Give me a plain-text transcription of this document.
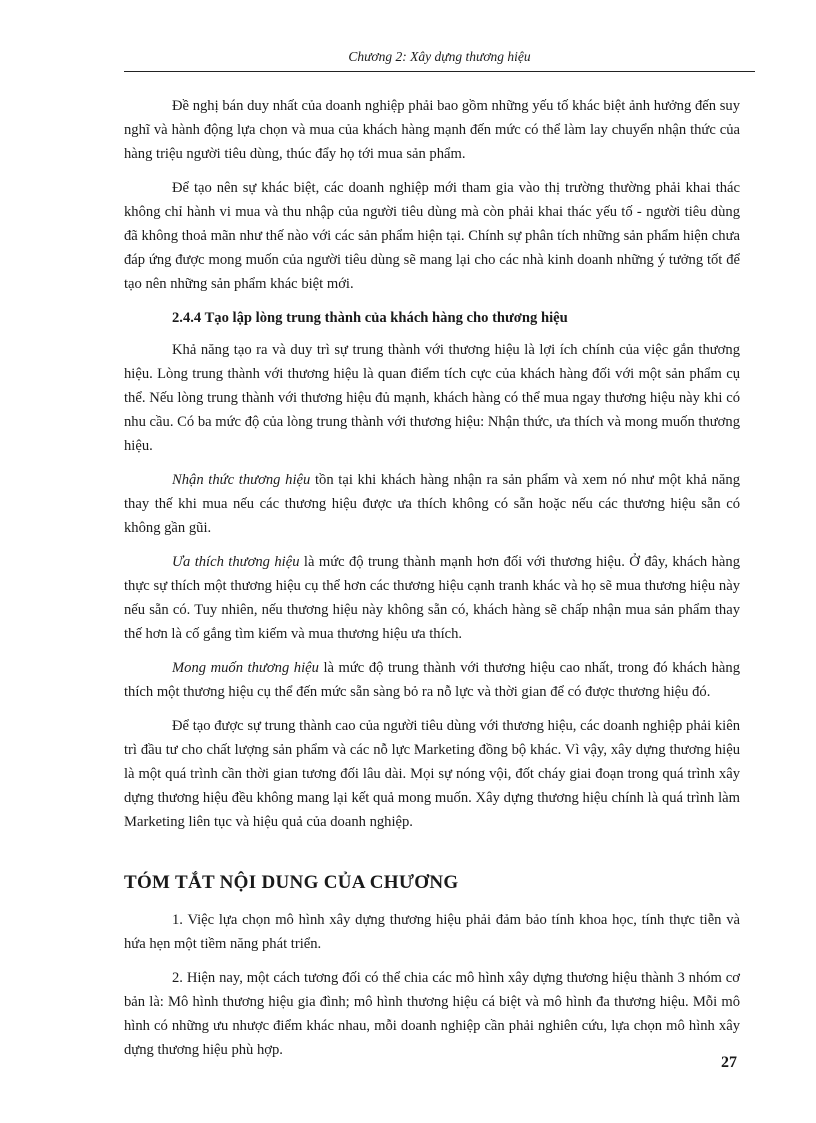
Chương 2: Xây dựng thương hiệu

Đề nghị bán duy nhất của doanh nghiệp phải bao gồm những yếu tố khác biệt ảnh hưởng đến suy nghĩ và hành động lựa chọn và mua của khách hàng mạnh đến mức có thể làm lay chuyển nhận thức của hàng triệu người tiêu dùng, thúc đẩy họ tới mua sản phẩm.

Để tạo nên sự khác biệt, các doanh nghiệp mới tham gia vào thị trường thường phải khai thác không chỉ hành vi mua và thu nhập của người tiêu dùng mà còn phải khai thác yếu tố - người tiêu dùng đã không thoả mãn như thế nào với các sản phẩm hiện tại. Chính sự phân tích những sản phẩm hiện chưa đáp ứng được mong muốn của người tiêu dùng sẽ mang lại cho các nhà kinh doanh những ý tưởng tốt để tạo nên những sản phẩm khác biệt mới.

2.4.4 Tạo lập lòng trung thành của khách hàng cho thương hiệu

Khả năng tạo ra và duy trì sự trung thành với thương hiệu là lợi ích chính của việc gắn thương hiệu. Lòng trung thành với thương hiệu là quan điểm tích cực của khách hàng đối với một sản phẩm cụ thể. Nếu lòng trung thành với thương hiệu đủ mạnh, khách hàng có thể mua ngay thương hiệu này khi có nhu cầu. Có ba mức độ của lòng trung thành với thương hiệu: Nhận thức, ưa thích và mong muốn thương hiệu.

Nhận thức thương hiệu tồn tại khi khách hàng nhận ra sản phẩm và xem nó như một khả năng thay thế khi mua nếu các thương hiệu được ưa thích không có sẵn hoặc nếu các thương hiệu sẵn có không gần gũi.

Ưa thích thương hiệu là mức độ trung thành mạnh hơn đối với thương hiệu. Ở đây, khách hàng thực sự thích một thương hiệu cụ thể hơn các thương hiệu cạnh tranh khác và họ sẽ mua thương hiệu này nếu sẵn có. Tuy nhiên, nếu thương hiệu này không sẵn có, khách hàng sẽ chấp nhận mua sản phẩm thay thế hơn là cố gắng tìm kiếm và mua thương hiệu ưa thích.

Mong muốn thương hiệu là mức độ trung thành với thương hiệu cao nhất, trong đó khách hàng thích một thương hiệu cụ thể đến mức sẵn sàng bỏ ra nỗ lực và thời gian để có được thương hiệu đó.

Để tạo được sự trung thành cao của người tiêu dùng với thương hiệu, các doanh nghiệp phải kiên trì đầu tư cho chất lượng sản phẩm và các nỗ lực Marketing đồng bộ khác. Vì vậy, xây dựng thương hiệu là một quá trình cần thời gian tương đối lâu dài. Mọi sự nóng vội, đốt cháy giai đoạn trong quá trình xây dựng thương hiệu đều không mang lại kết quả mong muốn. Xây dựng thương hiệu chính là quá trình làm Marketing liên tục và hiệu quả của doanh nghiệp.

TÓM TẮT NỘI DUNG CỦA CHƯƠNG

1. Việc lựa chọn mô hình xây dựng thương hiệu phải đảm bảo tính khoa học, tính thực tiễn và hứa hẹn một tiềm năng phát triển.

2. Hiện nay, một cách tương đối có thể chia các mô hình xây dựng thương hiệu thành 3 nhóm cơ bản là: Mô hình thương hiệu gia đình; mô hình thương hiệu cá biệt và mô hình đa thương hiệu. Mỗi mô hình có những ưu nhược điểm khác nhau, mỗi doanh nghiệp cần phải nghiên cứu, lựa chọn mô hình xây dựng thương hiệu phù hợp.

27
